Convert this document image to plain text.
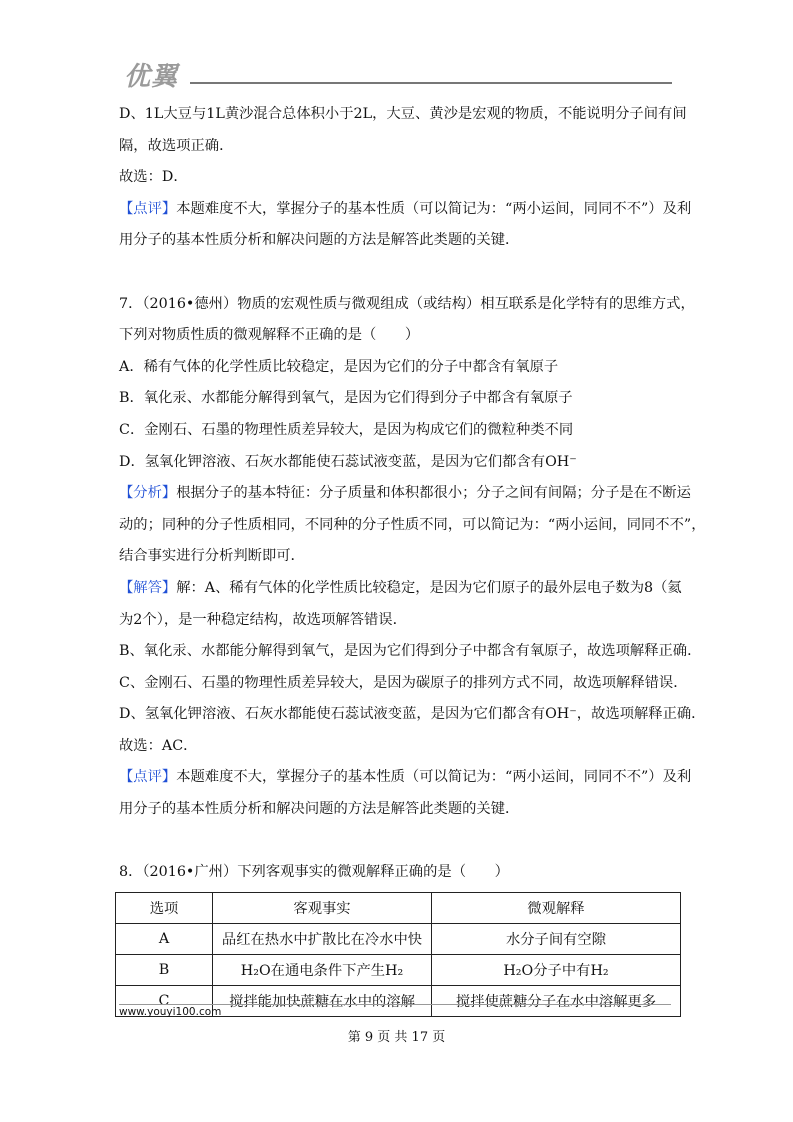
优翼
D、1L大豆与1L黄沙混合总体积小于2L，大豆、黄沙是宏观的物质，不能说明分子间有间
隔，故选项正确．
故选：D．
【点评】本题难度不大，掌握分子的基本性质（可以简记为：“两小运间，同同不不”）及利
用分子的基本性质分析和解决问题的方法是解答此类题的关键．
7．（2016•德州）物质的宏观性质与微观组成（或结构）相互联系是化学特有的思维方式，
下列对物质性质的微观解释不正确的是（　　）
A．稀有气体的化学性质比较稳定，是因为它们的分子中都含有氧原子
B．氧化汞、水都能分解得到氧气，是因为它们得到分子中都含有氧原子
C．金刚石、石墨的物理性质差异较大，是因为构成它们的微粒种类不同
D．氢氧化钾溶液、石灰水都能使石蕊试液变蓝，是因为它们都含有OH⁻
【分析】根据分子的基本特征：分子质量和体积都很小；分子之间有间隔；分子是在不断运
动的；同种的分子性质相同，不同种的分子性质不同，可以简记为：“两小运间，同同不不”，
结合事实进行分析判断即可．
【解答】解：A、稀有气体的化学性质比较稳定，是因为它们原子的最外层电子数为8（氦
为2个），是一种稳定结构，故选项解答错误．
B、氧化汞、水都能分解得到氧气，是因为它们得到分子中都含有氧原子，故选项解释正确．
C、金刚石、石墨的物理性质差异较大，是因为碳原子的排列方式不同，故选项解释错误．
D、氢氧化钾溶液、石灰水都能使石蕊试液变蓝，是因为它们都含有OH⁻，故选项解释正确．
故选：AC．
【点评】本题难度不大，掌握分子的基本性质（可以简记为：“两小运间，同同不不”）及利
用分子的基本性质分析和解决问题的方法是解答此类题的关键．
8．（2016•广州）下列客观事实的微观解释正确的是（　　）
选项	客观事实	微观解释
A	品红在热水中扩散比在冷水中快	水分子间有空隙
B	H₂O在通电条件下产生H₂	H₂O分子中有H₂
C	搅拌能加快蔗糖在水中的溶解	搅拌使蔗糖分子在水中溶解更多
www.youyi100.com
第 9 页 共 17 页
